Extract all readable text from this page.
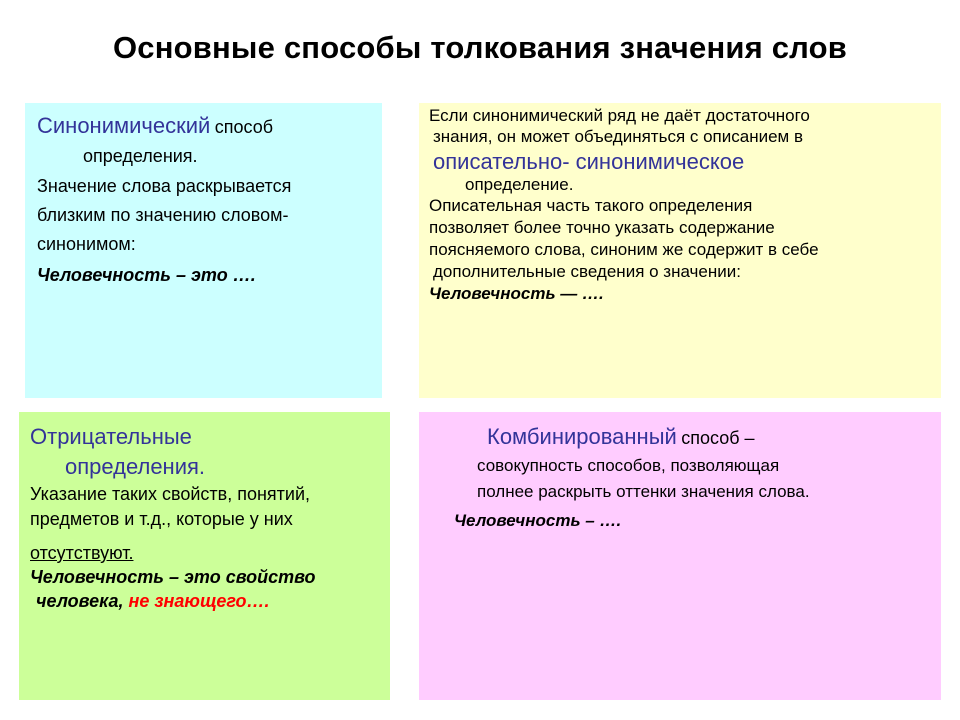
Основные способы толкования значения слов
Синонимический способ
определения.
Значение слова раскрывается
близким по значению словом-
синонимом:
Человечность – это ….
Если синонимический ряд не даёт достаточного
знания, он может объединяться с описанием в
описательно- синонимическое
определение.
Описательная часть такого определения
позволяет более точно указать содержание
поясняемого слова, синоним же содержит в себе
дополнительные сведения о значении:
Человечность — ….
Отрицательные
определения.
Указание таких свойств, понятий,
предметов и т.д., которые у них
отсутствуют.
Человечность – это свойство
человека, не знающего….
Комбинированный способ –
совокупность способов, позволяющая
полнее раскрыть оттенки значения слова.
Человечность – ….
